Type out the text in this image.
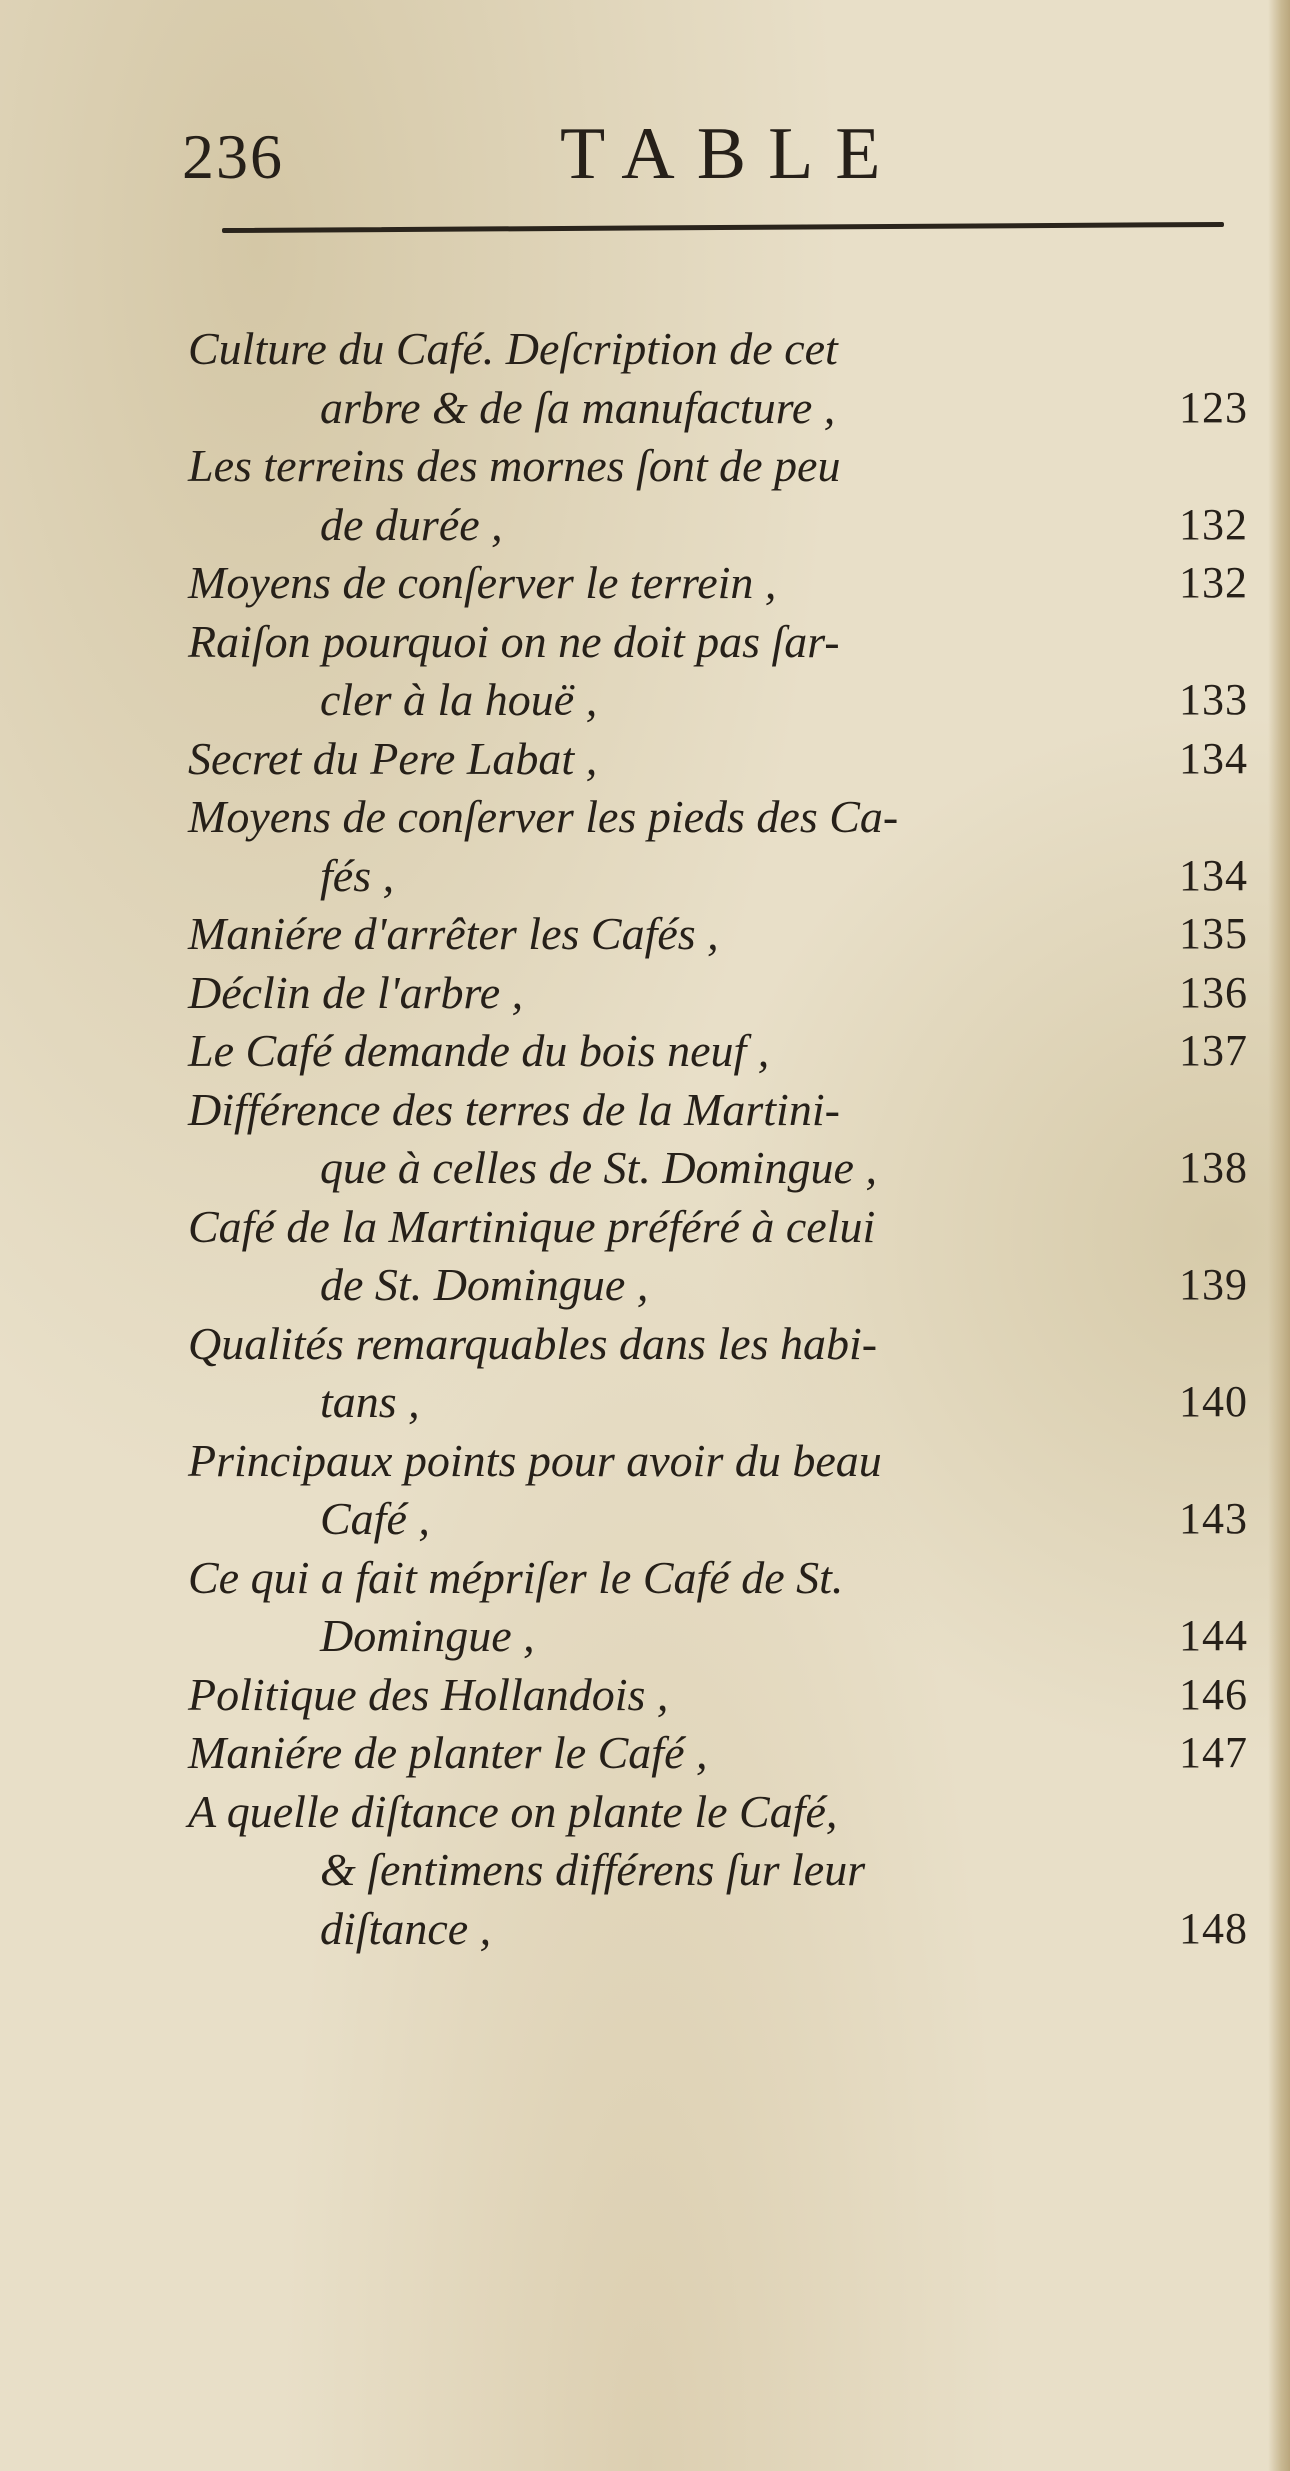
236	TABLE
Culture du Café. Deſcription de cet
arbre & de ſa manufacture ,	123
Les terreins des mornes ſont de peu
de durée ,	132
Moyens de conſerver le terrein ,	132
Raiſon pourquoi on ne doit pas ſar-
cler à la houë ,	133
Secret du Pere Labat ,	134
Moyens de conſerver les pieds des Ca-
fés ,	134
Maniére d'arrêter les Cafés ,	135
Déclin de l'arbre ,	136
Le Café demande du bois neuf ,	137
Différence des terres de la Martini-
que à celles de St. Domingue ,	138
Café de la Martinique préféré à celui
de St. Domingue ,	139
Qualités remarquables dans les habi-
tans ,	140
Principaux points pour avoir du beau
Café ,	143
Ce qui a fait mépriſer le Café de St.
Domingue ,	144
Politique des Hollandois ,	146
Maniére de planter le Café ,	147
A quelle diſtance on plante le Café,
& ſentimens différens ſur leur
diſtance ,	148
